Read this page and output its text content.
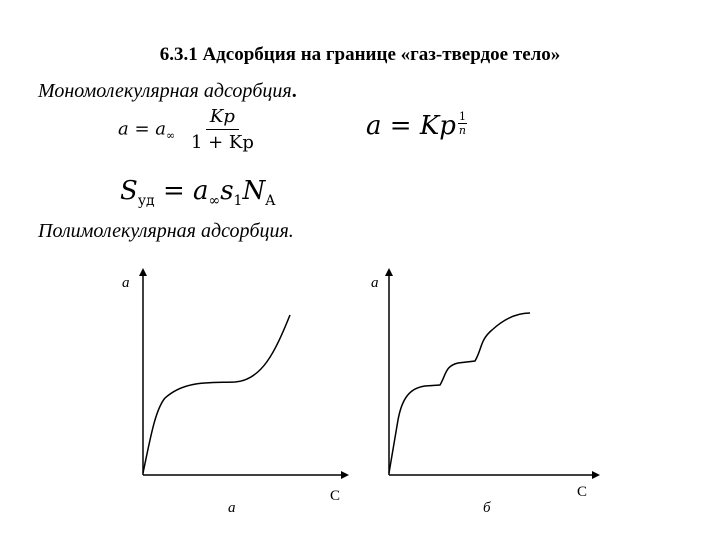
6.3.1 Адсорбция на границе «газ-твердое тело»
Мономолекулярная адсорбция.
$a = a_\infty \frac{Kp}{1 + Kp}$	a = Kp $\frac{1}{n}$
$S_{уд} = a_\infty s_1N_A$
Полимолекулярная адсорбция.
a
C
а
a
C
б
